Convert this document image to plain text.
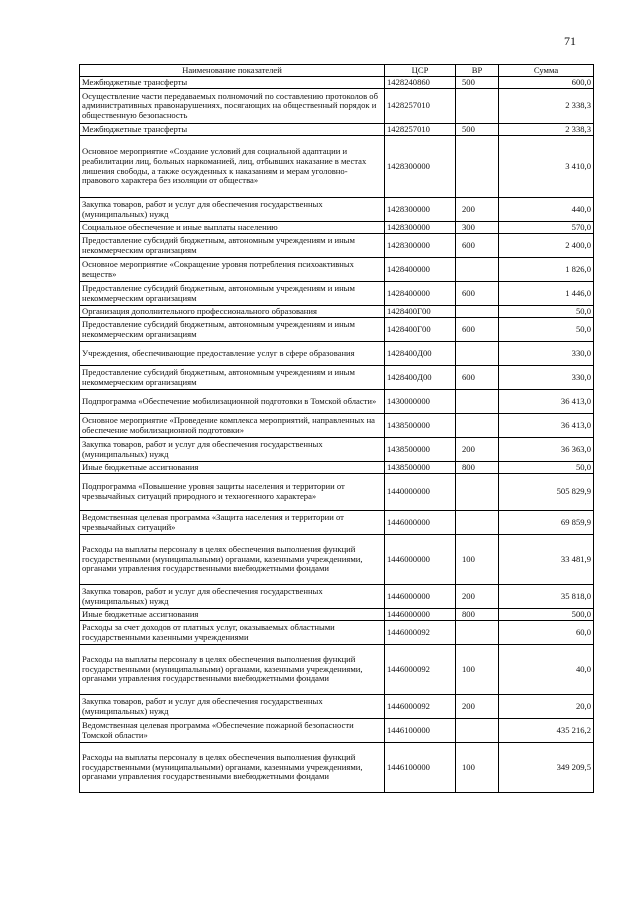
71
Наименование показателей	ЦСР	ВР	Сумма
Межбюджетные трансферты	1428240860	500	600,0
Осуществление части передаваемых полномочий по составлению протоколов об административных правонарушениях, посягающих на общественный порядок и общественную безопасность	1428257010		2 338,3
Межбюджетные трансферты	1428257010	500	2 338,3
Основное мероприятие «Создание условий для социальной адаптации и реабилитации лиц, больных наркоманией, лиц, отбывших наказание в местах лишения свободы, а также осужденных к наказаниям и мерам уголовно-правового характера без изоляции от общества»	1428300000		3 410,0
Закупка товаров, работ и услуг для обеспечения государственных (муниципальных) нужд	1428300000	200	440,0
Социальное обеспечение и иные выплаты населению	1428300000	300	570,0
Предоставление субсидий бюджетным, автономным учреждениям и иным некоммерческим организациям	1428300000	600	2 400,0
Основное мероприятие «Сокращение уровня потребления психоактивных веществ»	1428400000		1 826,0
Предоставление субсидий бюджетным, автономным учреждениям и иным некоммерческим организациям	1428400000	600	1 446,0
Организация дополнительного профессионального образования	1428400Г00		50,0
Предоставление субсидий бюджетным, автономным учреждениям и иным некоммерческим организациям	1428400Г00	600	50,0
Учреждения, обеспечивающие предоставление услуг в сфере образования	1428400Д00		330,0
Предоставление субсидий бюджетным, автономным учреждениям и иным некоммерческим организациям	1428400Д00	600	330,0
Подпрограмма «Обеспечение мобилизационной подготовки в Томской области»	1430000000		36 413,0
Основное мероприятие «Проведение комплекса мероприятий, направленных на обеспечение мобилизационной подготовки»	1438500000		36 413,0
Закупка товаров, работ и услуг для обеспечения государственных (муниципальных) нужд	1438500000	200	36 363,0
Иные бюджетные ассигнования	1438500000	800	50,0
Подпрограмма «Повышение уровня защиты населения и территории от чрезвычайных ситуаций природного и техногенного характера»	1440000000		505 829,9
Ведомственная целевая программа «Защита населения и территории от чрезвычайных ситуаций»	1446000000		69 859,9
Расходы на выплаты персоналу в целях обеспечения выполнения функций государственными (муниципальными) органами, казенными учреждениями, органами управления государственными внебюджетными фондами	1446000000	100	33 481,9
Закупка товаров, работ и услуг для обеспечения государственных (муниципальных) нужд	1446000000	200	35 818,0
Иные бюджетные ассигнования	1446000000	800	500,0
Расходы за счет доходов от платных услуг, оказываемых областными государственными казенными учреждениями	1446000092		60,0
Расходы на выплаты персоналу в целях обеспечения выполнения функций государственными (муниципальными) органами, казенными учреждениями, органами управления государственными внебюджетными фондами	1446000092	100	40,0
Закупка товаров, работ и услуг для обеспечения государственных (муниципальных) нужд	1446000092	200	20,0
Ведомственная целевая программа «Обеспечение пожарной безопасности Томской области»	1446100000		435 216,2
Расходы на выплаты персоналу в целях обеспечения выполнения функций государственными (муниципальными) органами, казенными учреждениями, органами управления государственными внебюджетными фондами	1446100000	100	349 209,5
